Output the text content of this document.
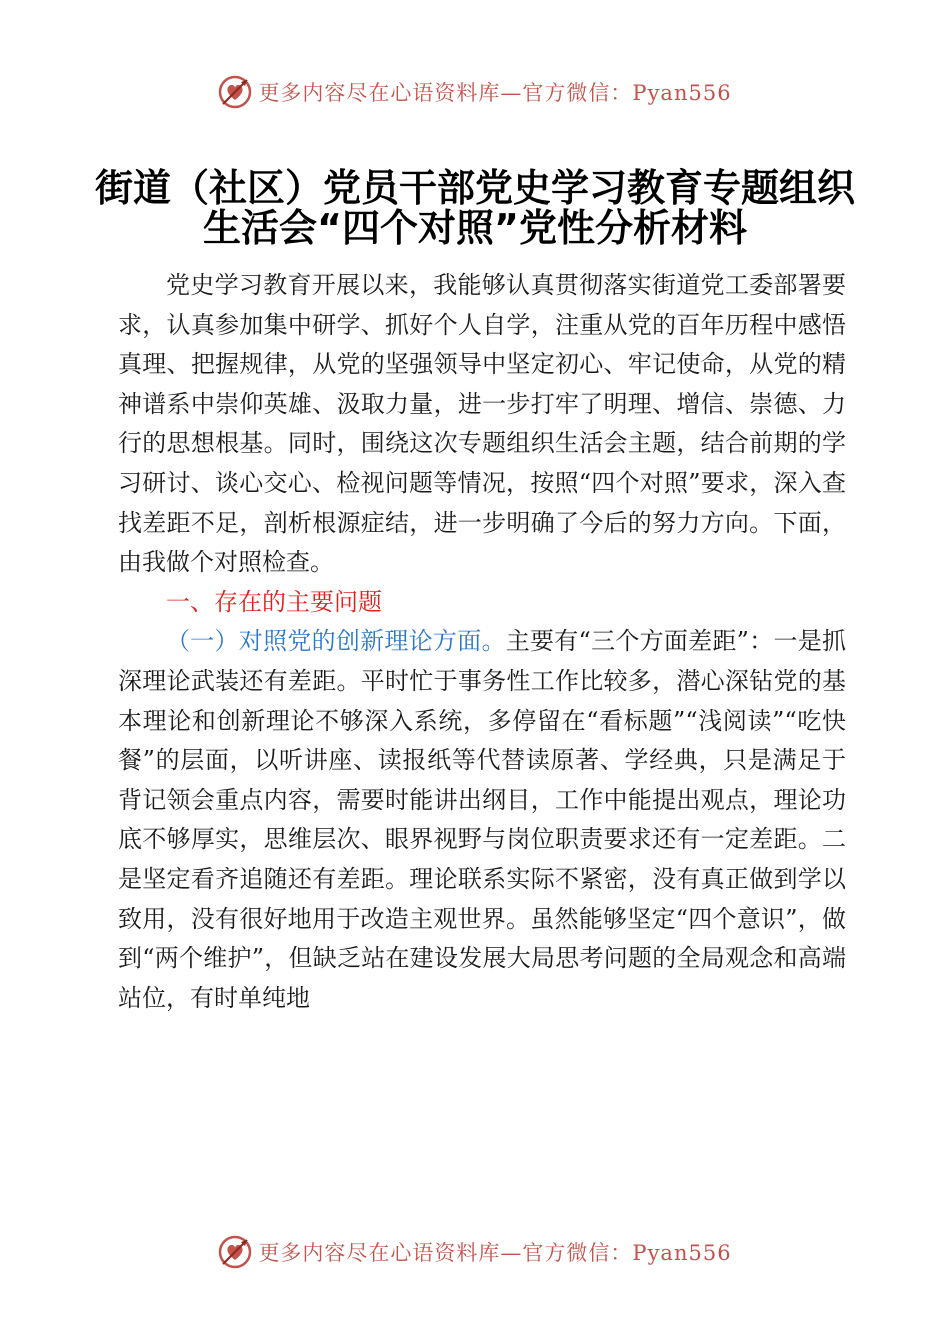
更多内容尽在心语资料库—官方微信：Pyan556
街道（社区）党员干部党史学习教育专题组织
生活会“四个对照”党性分析材料

党史学习教育开展以来，我能够认真贯彻落实街道党工委部署要求，认真参加集中研学、抓好个人自学，注重从党的百年历程中感悟真理、把握规律，从党的坚强领导中坚定初心、牢记使命，从党的精神谱系中崇仰英雄、汲取力量，进一步打牢了明理、增信、崇德、力行的思想根基。同时，围绕这次专题组织生活会主题，结合前期的学习研讨、谈心交心、检视问题等情况，按照“四个对照”要求，深入查找差距不足，剖析根源症结，进一步明确了今后的努力方向。下面，由我做个对照检查。

一、存在的主要问题

（一）对照党的创新理论方面。主要有“三个方面差距”：一是抓深理论武装还有差距。平时忙于事务性工作比较多，潜心深钻党的基本理论和创新理论不够深入系统，多停留在“看标题”“浅阅读”“吃快餐”的层面，以听讲座、读报纸等代替读原著、学经典，只是满足于背记领会重点内容，需要时能讲出纲目，工作中能提出观点，理论功底不够厚实，思维层次、眼界视野与岗位职责要求还有一定差距。二是坚定看齐追随还有差距。理论联系实际不紧密，没有真正做到学以致用，没有很好地用于改造主观世界。虽然能够坚定“四个意识”，做到“两个维护”，但缺乏站在建设发展大局思考问题的全局观念和高端站位，有时单纯地

更多内容尽在心语资料库—官方微信：Pyan556
